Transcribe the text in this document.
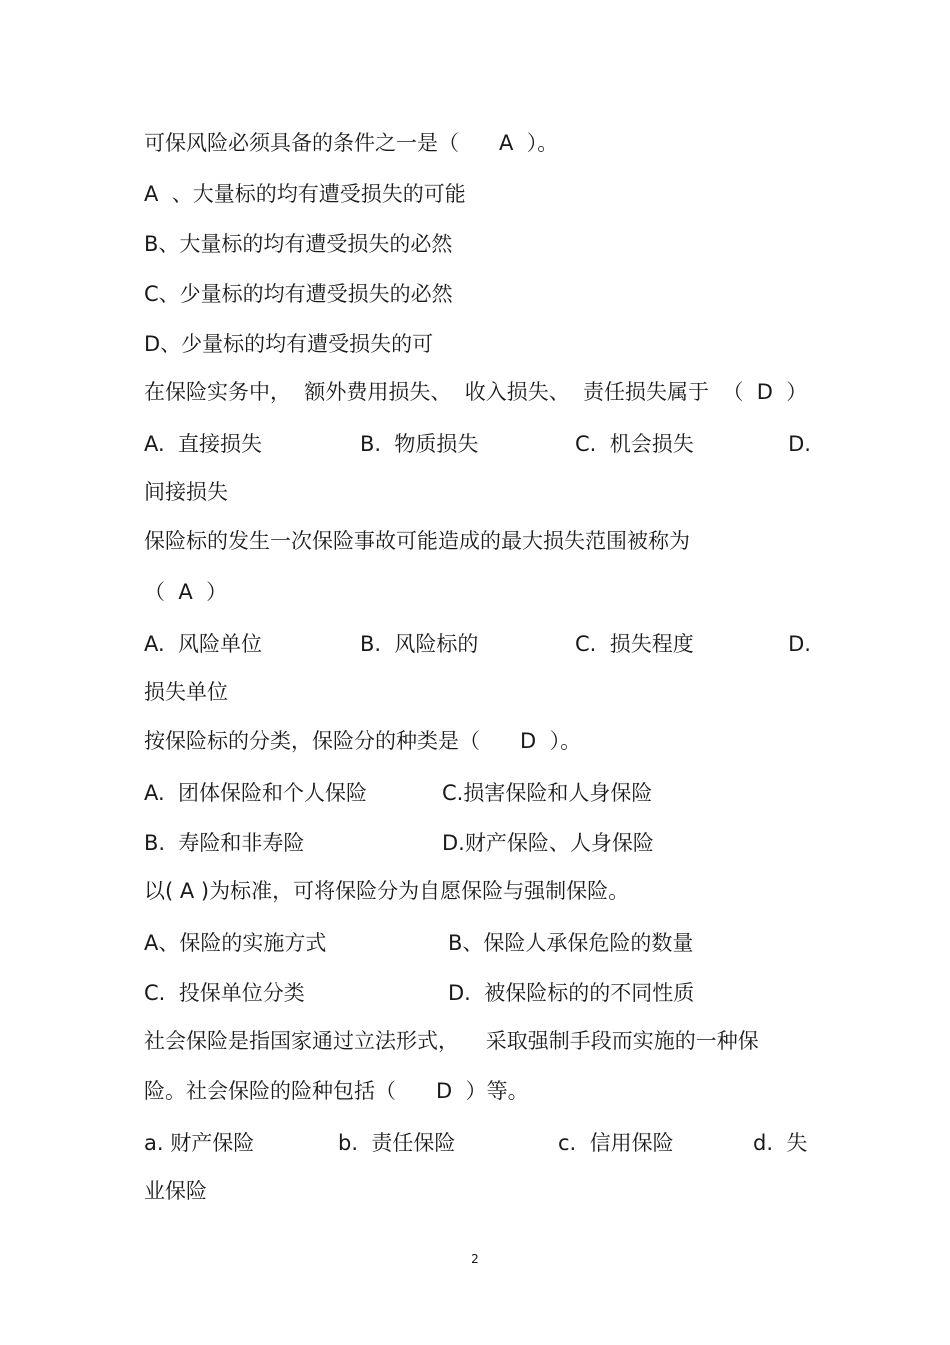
可保风险必须具备的条件之一是（      A  ）。
A  、大量标的均有遭受损失的可能
B、大量标的均有遭受损失的必然
C、少量标的均有遭受损失的必然
D、少量标的均有遭受损失的可
在保险实务中，  额外费用损失、  收入损失、  责任损失属于  （  D  ）
A.  直接损失	B.  物质损失	C.  机会损失	D.
间接损失
保险标的发生一次保险事故可能造成的最大损失范围被称为
（  A  ）
A.  风险单位	B.  风险标的	C.  损失程度	D.
损失单位
按保险标的分类，保险分的种类是（      D  ）。
A.  团体保险和个人保险	C.损害保险和人身保险
B.  寿险和非寿险	D.财产保险、人身保险
以( A )为标准，可将保险分为自愿保险与强制保险。
A、保险的实施方式	B、保险人承保危险的数量
C.  投保单位分类	D.  被保险标的的不同性质
社会保险是指国家通过立法形式，    采取强制手段而实施的一种保
险。社会保险的险种包括（      D  ）等。
a. 财产保险	b.  责任保险	c.  信用保险	d.  失
业保险
2
